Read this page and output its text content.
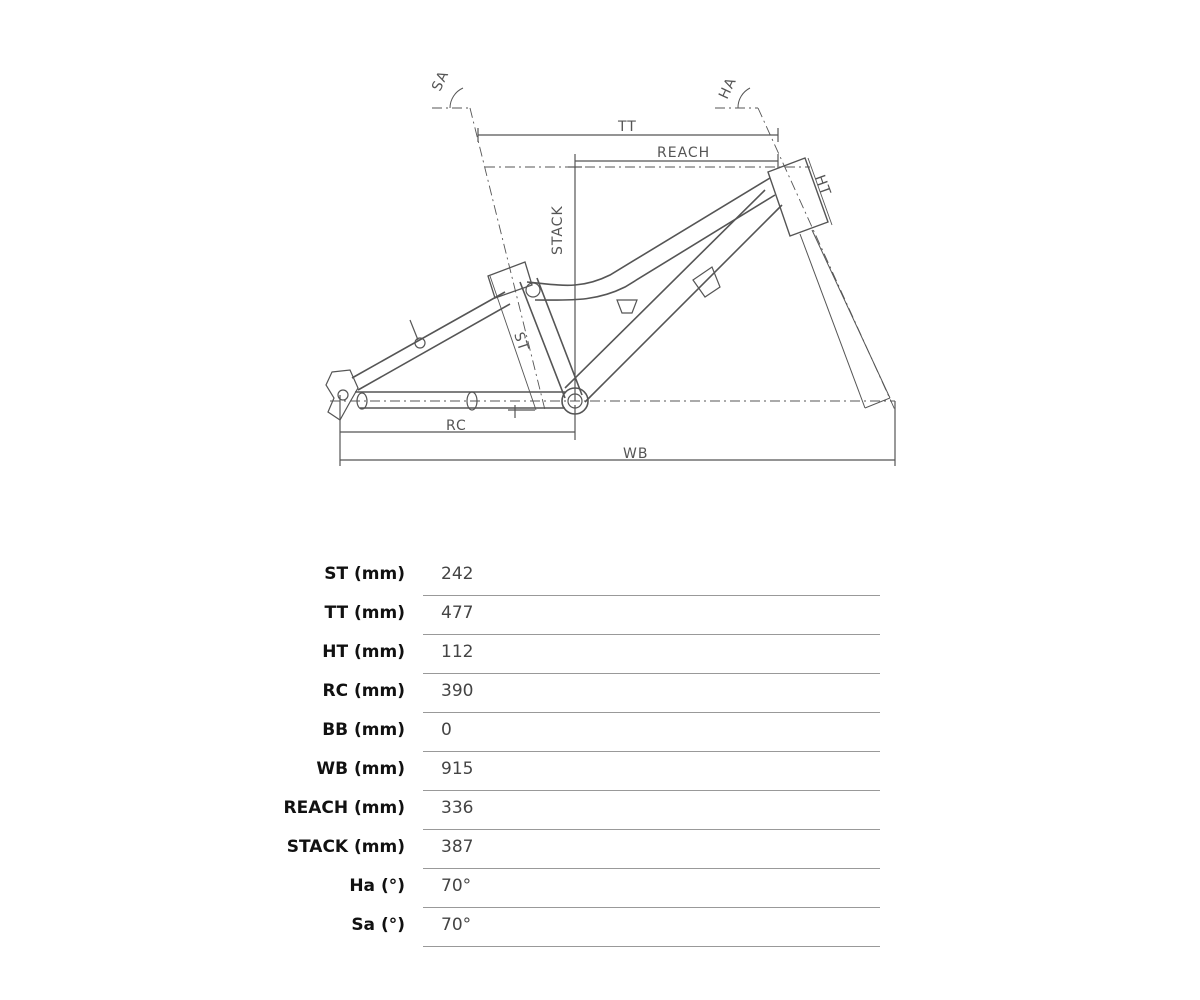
SA	HA
TT
REACH
HT
STACK
ST
RC
WB
ST (mm) 242
TT (mm) 477
HT (mm) 112
RC (mm) 390
BB (mm) 0
WB (mm) 915
REACH (mm) 336
STACK (mm) 387
Ha (°) 70°
Sa (°) 70°
